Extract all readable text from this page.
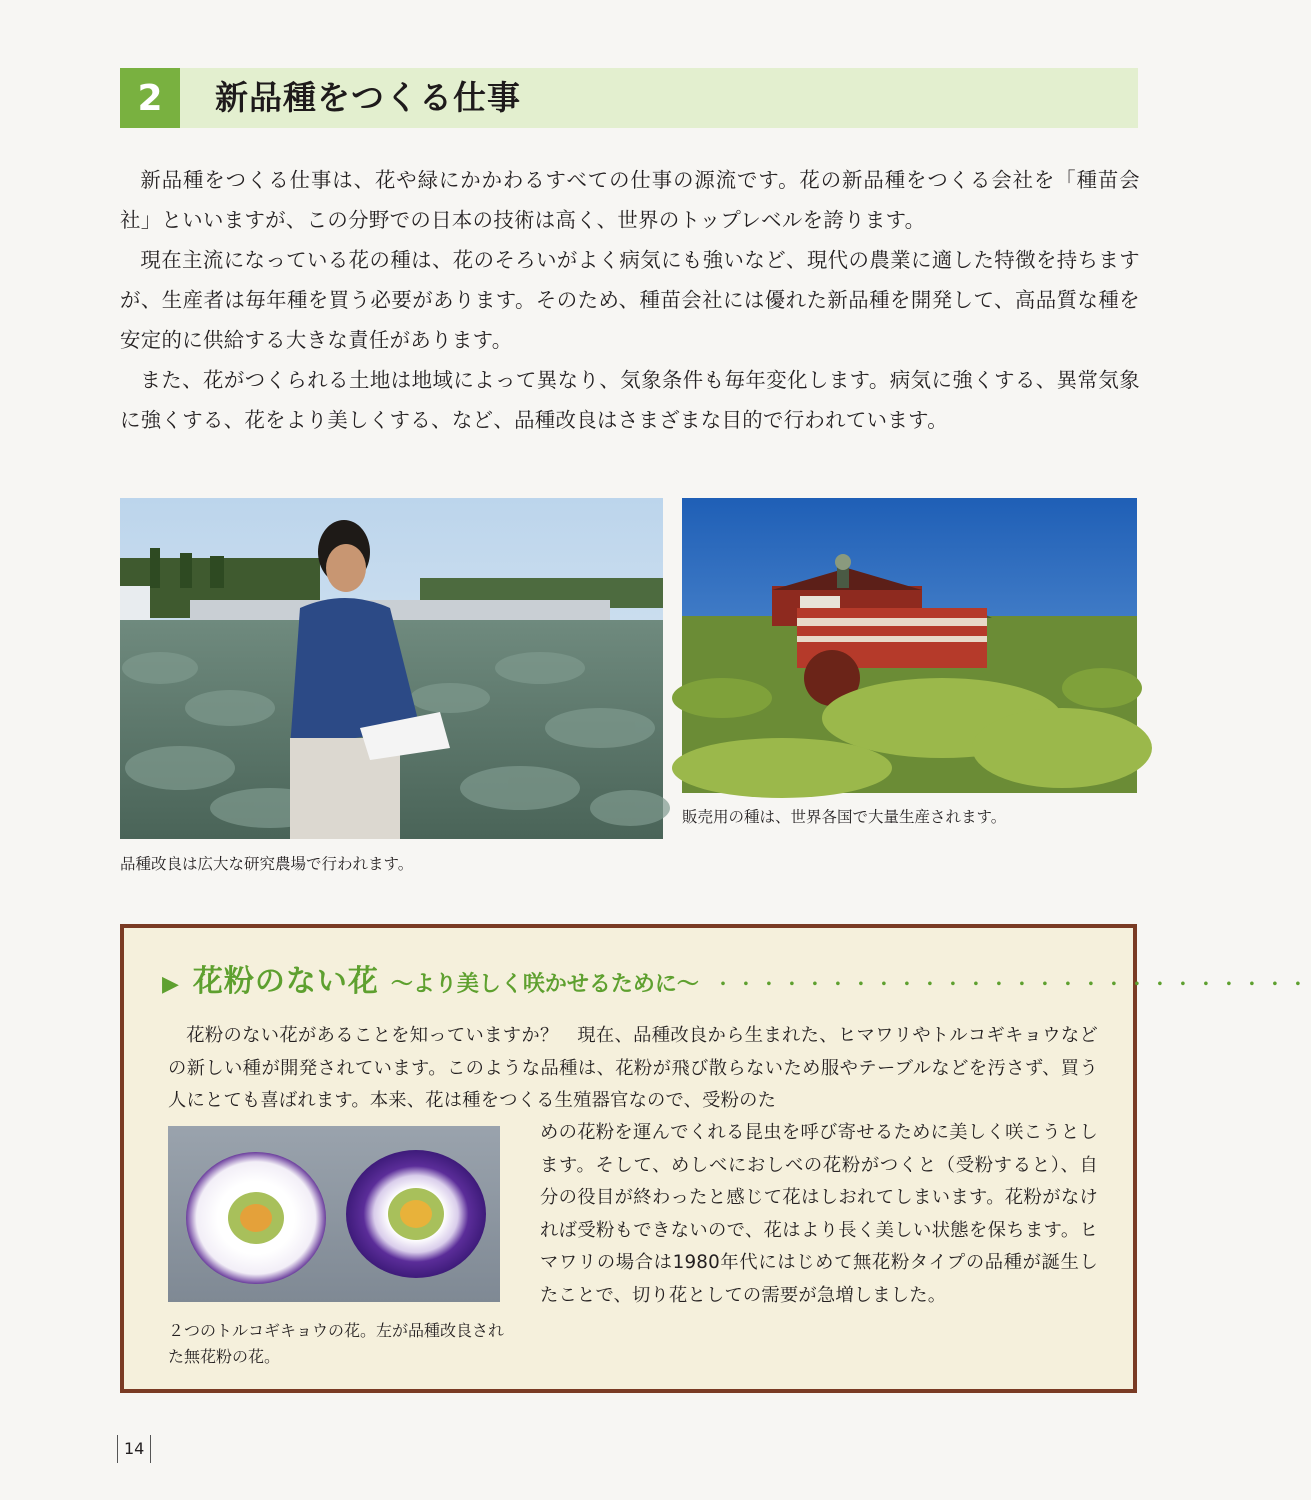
2	新品種をつくる仕事

新品種をつくる仕事は、花や緑にかかわるすべての仕事の源流です。花の新品種をつくる会社を「種苗会社」といいますが、この分野での日本の技術は高く、世界のトップレベルを誇ります。

現在主流になっている花の種は、花のそろいがよく病気にも強いなど、現代の農業に適した特徴を持ちますが、生産者は毎年種を買う必要があります。そのため、種苗会社には優れた新品種を開発して、高品質な種を安定的に供給する大きな責任があります。

また、花がつくられる土地は地域によって異なり、気象条件も毎年変化します。病気に強くする、異常気象に強くする、花をより美しくする、など、品種改良はさまざまな目的で行われています。

品種改良は広大な研究農場で行われます。
販売用の種は、世界各国で大量生産されます。
▶ 花粉のない花 ～より美しく咲かせるために～ ・・・・・・・・・・・・・・・・・・・・・・・・・・

花粉のない花があることを知っていますか？　現在、品種改良から生まれた、ヒマワリやトルコギキョウなどの新しい種が開発されています。このような品種は、花粉が飛び散らないため服やテーブルなどを汚さず、買う人にとても喜ばれます。本来、花は種をつくる生殖器官なので、受粉のた

２つのトルコギキョウの花。左が品種改良された無花粉の花。

めの花粉を運んでくれる昆虫を呼び寄せるために美しく咲こうとします。そして、めしべにおしべの花粉がつくと（受粉すると）、自分の役目が終わったと感じて花はしおれてしまいます。花粉がなければ受粉もできないので、花はより長く美しい状態を保ちます。ヒマワリの場合は1980年代にはじめて無花粉タイプの品種が誕生したことで、切り花としての需要が急増しました。

14
